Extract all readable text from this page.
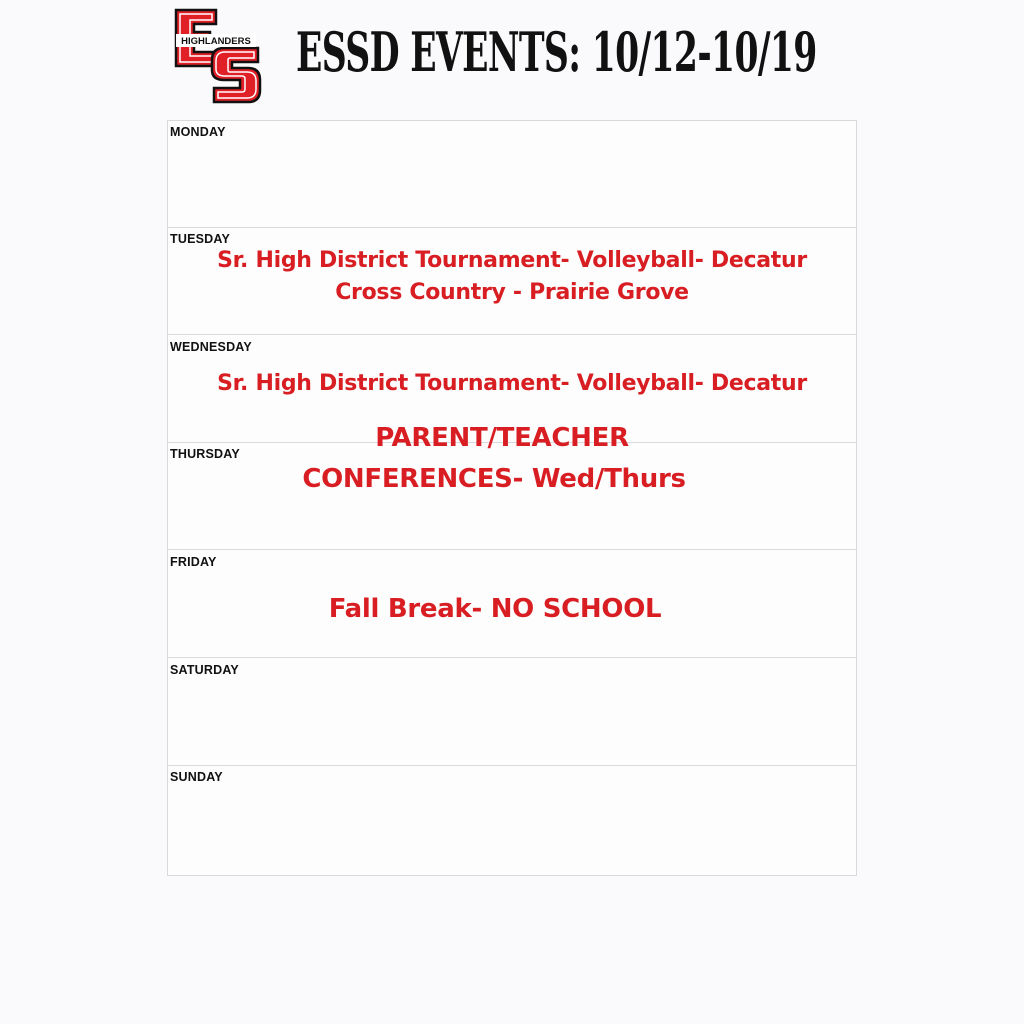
HIGHLANDERS ESSD EVENTS: 10/12-10/19
MONDAY
TUESDAY
WEDNESDAY
THURSDAY
FRIDAY
SATURDAY
SUNDAY
Sr. High District Tournament- Volleyball- Decatur
Cross Country - Prairie Grove
Sr. High District Tournament- Volleyball- Decatur
PARENT/TEACHER
CONFERENCES- Wed/Thurs
Fall Break- NO SCHOOL
